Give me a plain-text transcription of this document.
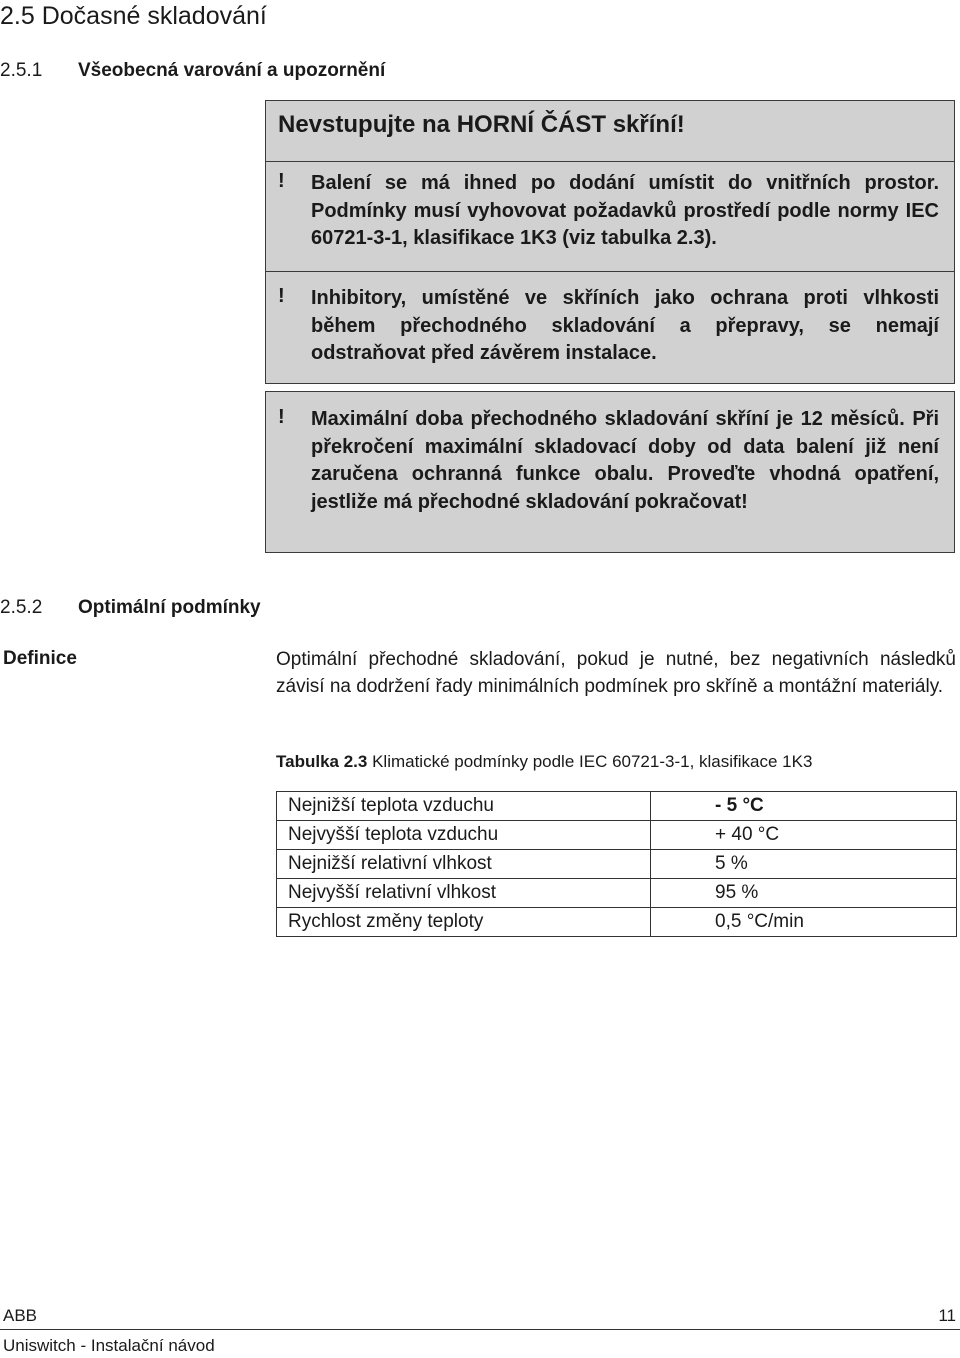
2.5 Dočasné skladování
2.5.1 Všeobecná varování a upozornění
Nevstupujte na HORNÍ ČÁST skříní!
! Balení se má ihned po dodání umístit do vnitřních prostor. Podmínky musí vyhovovat požadavků prostředí podle normy IEC 60721-3-1, klasifikace 1K3 (viz tabulka 2.3).
! Inhibitory, umístěné ve skříních jako ochrana proti vlhkosti během přechodného skladování a přepravy, se nemají odstraňovat před závěrem instalace.
! Maximální doba přechodného skladování skříní je 12 měsíců. Při překročení maximální skladovací doby od data balení již není zaručena ochranná funkce obalu. Proveďte vhodná opatření, jestliže má přechodné skladování pokračovat!
2.5.2 Optimální podmínky
Definice	Optimální přechodné skladování, pokud je nutné, bez negativních následků závisí na dodržení řady minimálních podmínek pro skříně a montážní materiály.
Tabulka 2.3 Klimatické podmínky podle IEC 60721-3-1, klasifikace 1K3
Nejnižší teplota vzduchu	- 5 °C
Nejvyšší teplota vzduchu	+ 40 °C
Nejnižší relativní vlhkost	5 %
Nejvyšší relativní vlhkost	95 %
Rychlost změny teploty	0,5 °C/min
ABB	11
Uniswitch - Instalační návod
